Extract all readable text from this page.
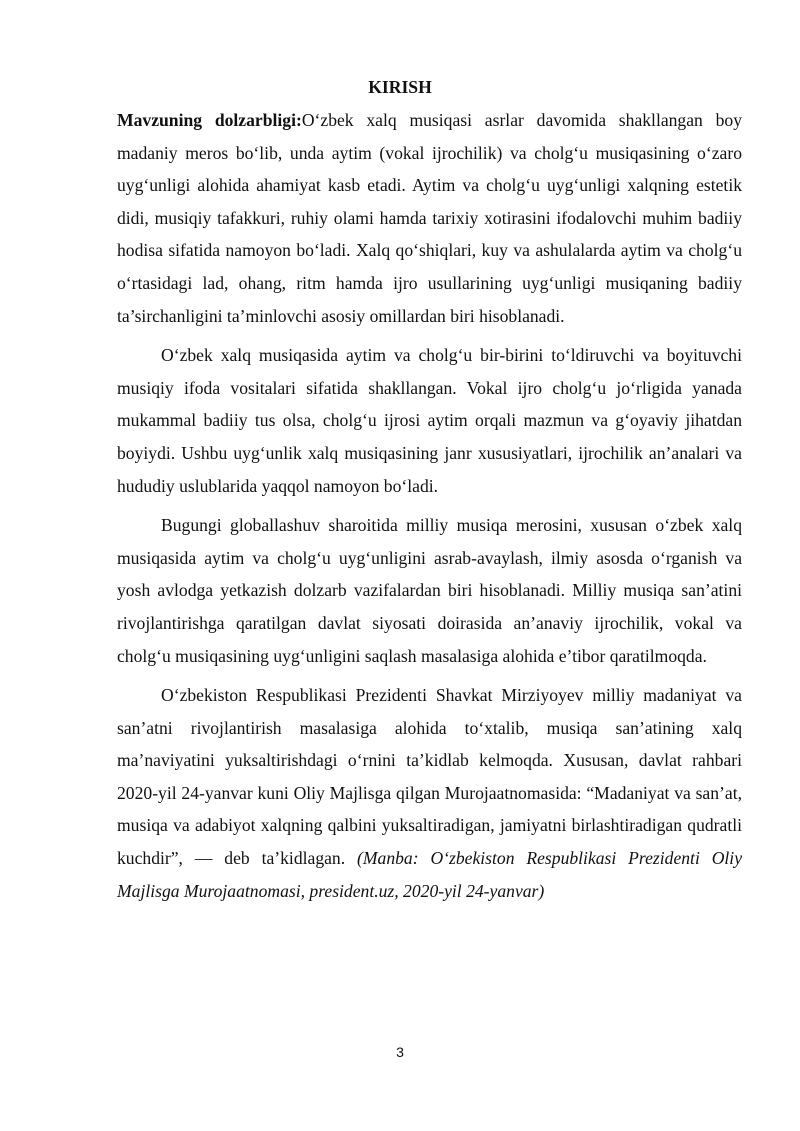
KIRISH

Mavzuning dolzarbligi:O‘zbek xalq musiqasi asrlar davomida shakllangan boy madaniy meros bo‘lib, unda aytim (vokal ijrochilik) va cholg‘u musiqasining o‘zaro uyg‘unligi alohida ahamiyat kasb etadi. Aytim va cholg‘u uyg‘unligi xalqning estetik didi, musiqiy tafakkuri, ruhiy olami hamda tarixiy xotirasini ifodalovchi muhim badiiy hodisa sifatida namoyon bo‘ladi. Xalq qo‘shiqlari, kuy va ashulalarda aytim va cholg‘u o‘rtasidagi lad, ohang, ritm hamda ijro usullarining uyg‘unligi musiqaning badiiy ta’sirchanligini ta’minlovchi asosiy omillardan biri hisoblanadi.

O‘zbek xalq musiqasida aytim va cholg‘u bir-birini to‘ldiruvchi va boyituvchi musiqiy ifoda vositalari sifatida shakllangan. Vokal ijro cholg‘u jo‘rligida yanada mukammal badiiy tus olsa, cholg‘u ijrosi aytim orqali mazmun va g‘oyaviy jihatdan boyiydi. Ushbu uyg‘unlik xalq musiqasining janr xususiyatlari, ijrochilik an’analari va hududiy uslublarida yaqqol namoyon bo‘ladi.

Bugungi globallashuv sharoitida milliy musiqa merosini, xususan o‘zbek xalq musiqasida aytim va cholg‘u uyg‘unligini asrab-avaylash, ilmiy asosda o‘rganish va yosh avlodga yetkazish dolzarb vazifalardan biri hisoblanadi. Milliy musiqa san’atini rivojlantirishga qaratilgan davlat siyosati doirasida an’anaviy ijrochilik, vokal va cholg‘u musiqasining uyg‘unligini saqlash masalasiga alohida e’tibor qaratilmoqda.

O‘zbekiston Respublikasi Prezidenti Shavkat Mirziyoyev milliy madaniyat va san’atni rivojlantirish masalasiga alohida to‘xtalib, musiqa san’atining xalq ma’naviyatini yuksaltirishdagi o‘rnini ta’kidlab kelmoqda. Xususan, davlat rahbari 2020-yil 24-yanvar kuni Oliy Majlisga qilgan Murojaatnomasida: “Madaniyat va san’at, musiqa va adabiyot xalqning qalbini yuksaltiradigan, jamiyatni birlashtiradigan qudratli kuchdir”, — deb ta’kidlagan. (Manba: O‘zbekiston Respublikasi Prezidenti Oliy Majlisga Murojaatnomasi, president.uz, 2020-yil 24-yanvar)

3
